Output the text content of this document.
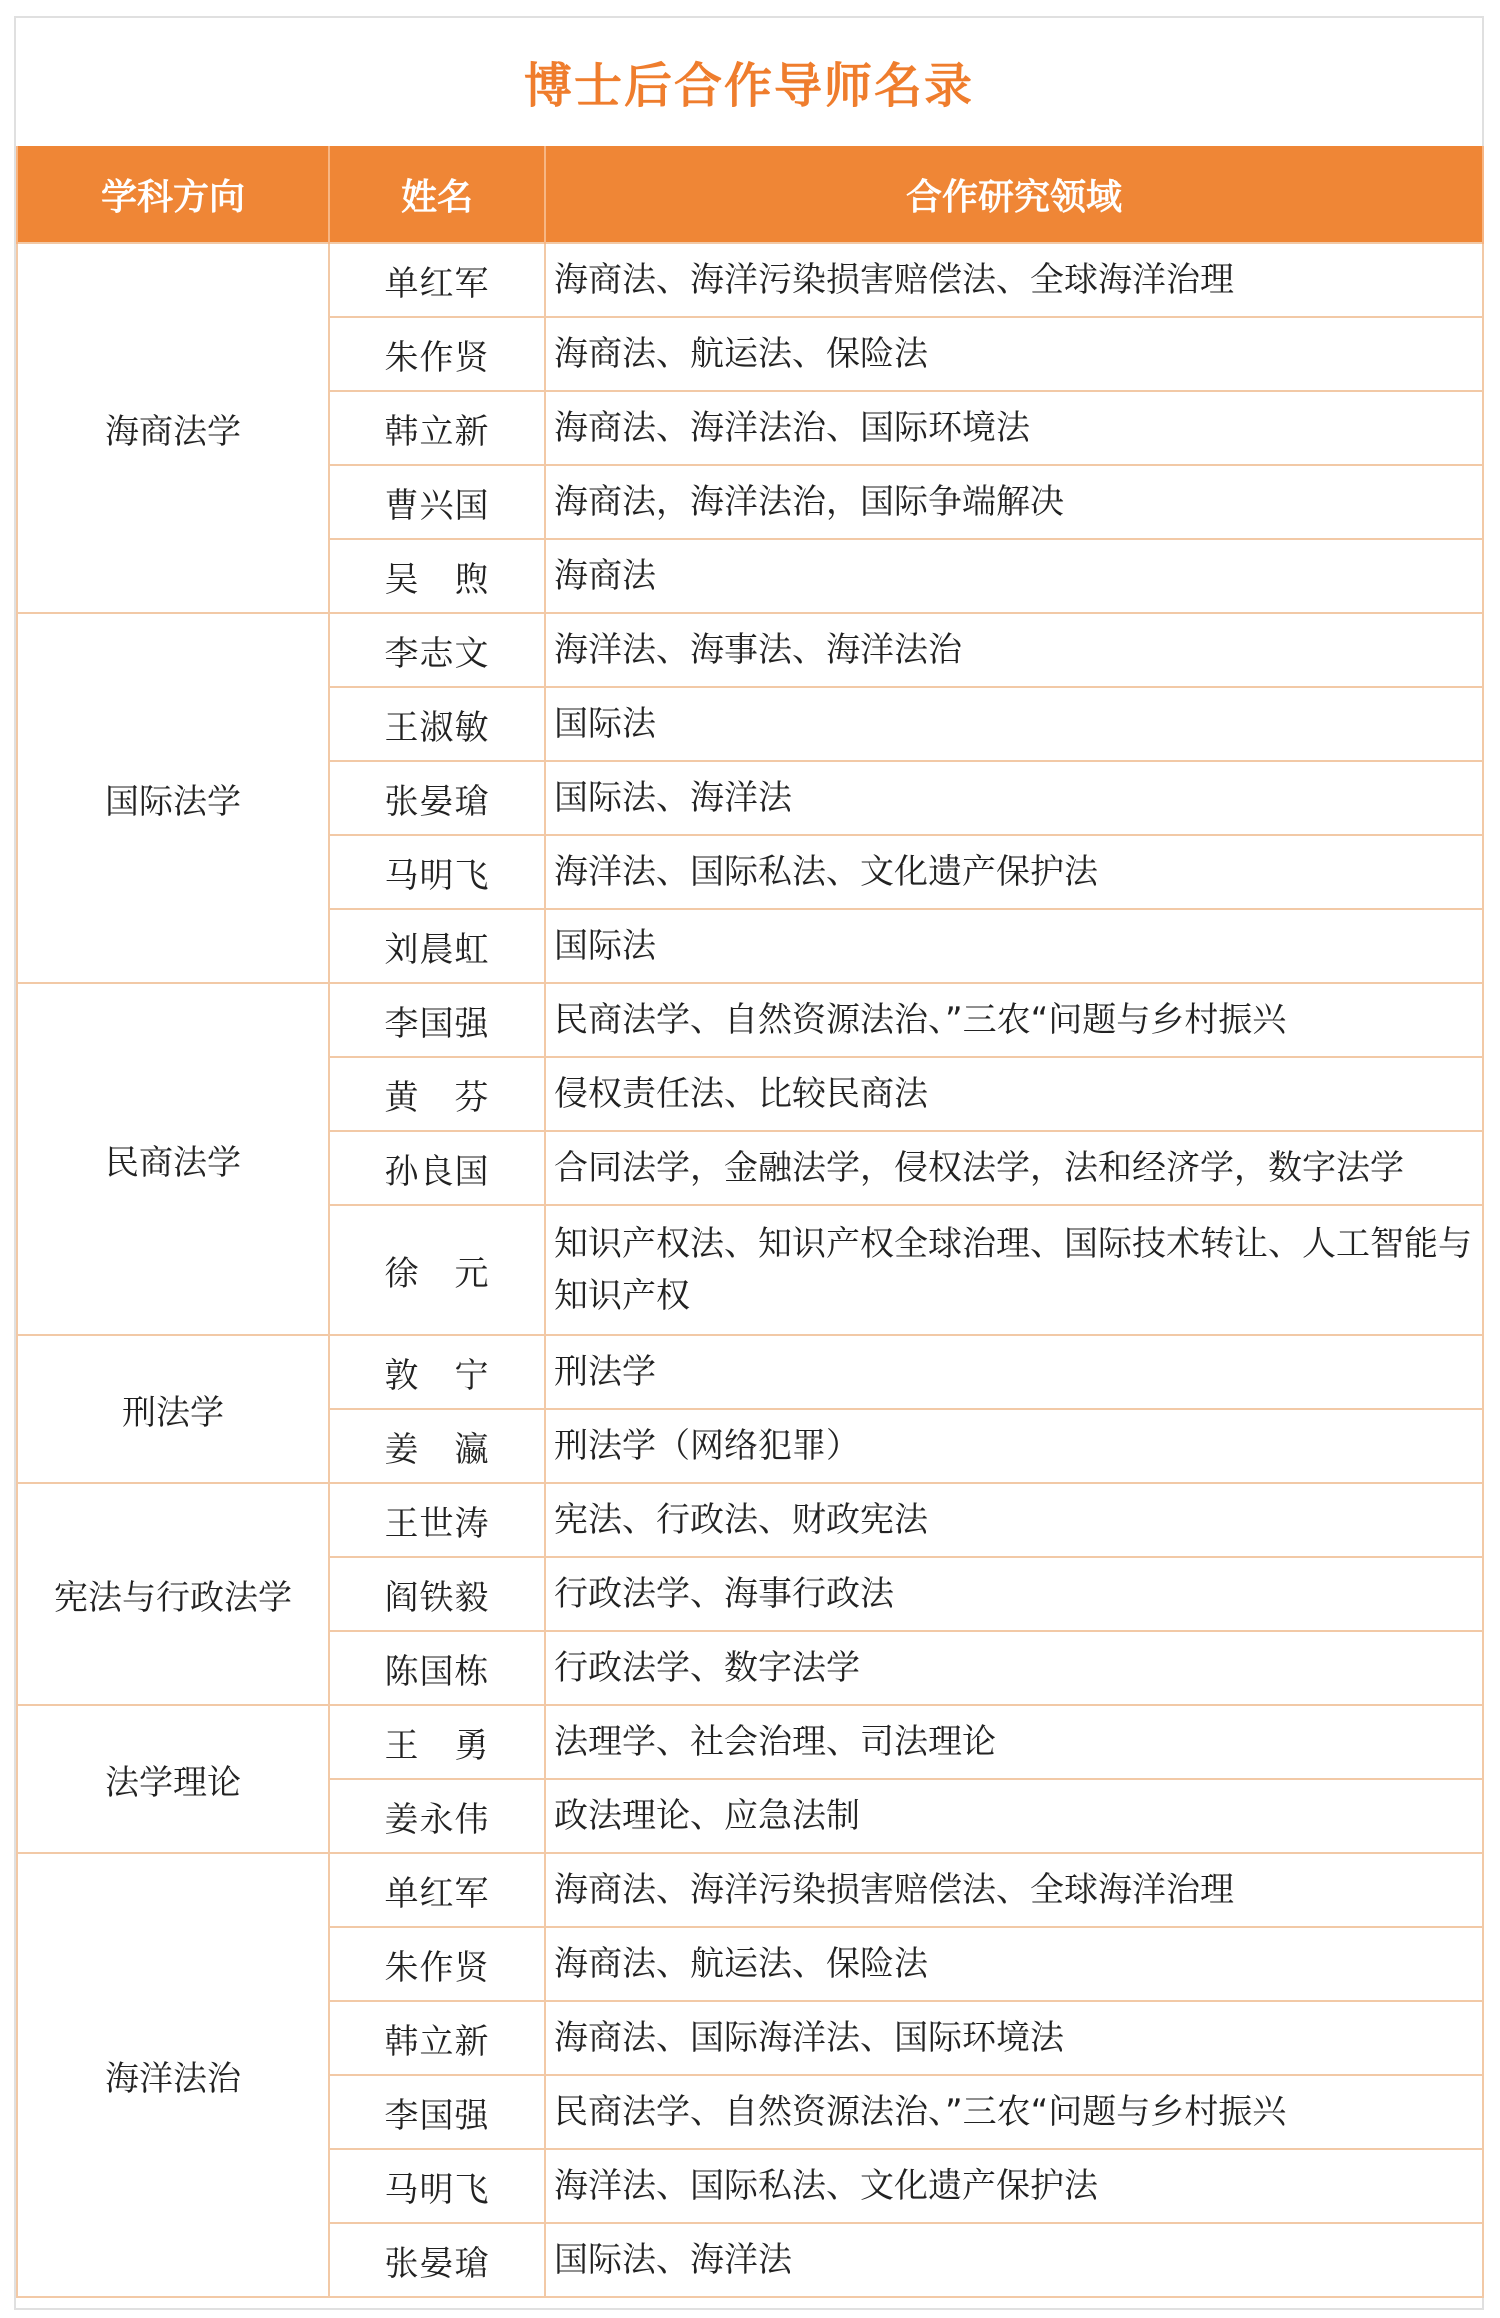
博士后合作导师名录
学科方向	姓名	合作研究领域
海商法学	单红军	海商法、海洋污染损害赔偿法、全球海洋治理
	朱作贤	海商法、航运法、保险法
	韩立新	海商法、海洋法治、国际环境法
	曹兴国	海商法，海洋法治，国际争端解决
	吴　煦	海商法
国际法学	李志文	海洋法、海事法、海洋法治
	王淑敏	国际法
	张晏瑲	国际法、海洋法
	马明飞	海洋法、国际私法、文化遗产保护法
	刘晨虹	国际法
民商法学	李国强	民商法学、自然资源法治、”三农“问题与乡村振兴
	黄　芬	侵权责任法、比较民商法
	孙良国	合同法学，金融法学，侵权法学，法和经济学，数字法学
	徐　元	知识产权法、知识产权全球治理、国际技术转让、人工智能与知识产权
刑法学	敦　宁	刑法学
	姜　瀛	刑法学（网络犯罪）
宪法与行政法学	王世涛	宪法、行政法、财政宪法
	阎铁毅	行政法学、海事行政法
	陈国栋	行政法学、数字法学
法学理论	王　勇	法理学、社会治理、司法理论
	姜永伟	政法理论、应急法制
海洋法治	单红军	海商法、海洋污染损害赔偿法、全球海洋治理
	朱作贤	海商法、航运法、保险法
	韩立新	海商法、国际海洋法、国际环境法
	李国强	民商法学、自然资源法治、”三农“问题与乡村振兴
	马明飞	海洋法、国际私法、文化遗产保护法
	张晏瑲	国际法、海洋法
